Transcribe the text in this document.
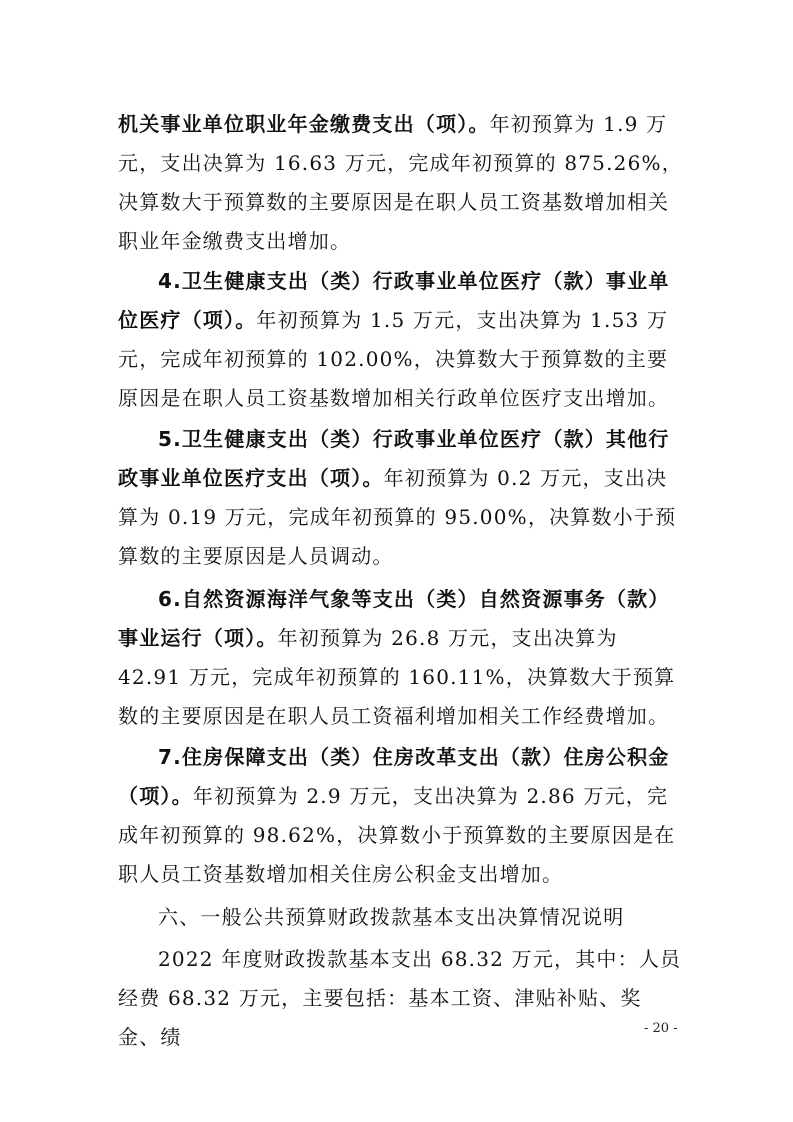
机关事业单位职业年金缴费支出（项）。年初预算为 1.9 万元，支出决算为 16.63 万元，完成年初预算的 875.26%，决算数大于预算数的主要原因是在职人员工资基数增加相关职业年金缴费支出增加。

4.卫生健康支出（类）行政事业单位医疗（款）事业单位医疗（项）。年初预算为 1.5 万元，支出决算为 1.53 万元，完成年初预算的 102.00%，决算数大于预算数的主要原因是在职人员工资基数增加相关行政单位医疗支出增加。

5.卫生健康支出（类）行政事业单位医疗（款）其他行政事业单位医疗支出（项）。年初预算为 0.2 万元，支出决算为 0.19 万元，完成年初预算的 95.00%，决算数小于预算数的主要原因是人员调动。

6.自然资源海洋气象等支出（类）自然资源事务（款）事业运行（项）。年初预算为 26.8 万元，支出决算为 42.91 万元，完成年初预算的 160.11%，决算数大于预算数的主要原因是在职人员工资福利增加相关工作经费增加。

7.住房保障支出（类）住房改革支出（款）住房公积金（项）。年初预算为 2.9 万元，支出决算为 2.86 万元，完成年初预算的 98.62%，决算数小于预算数的主要原因是在职人员工资基数增加相关住房公积金支出增加。

六、一般公共预算财政拨款基本支出决算情况说明

2022 年度财政拨款基本支出 68.32 万元，其中：人员经费 68.32 万元，主要包括：基本工资、津贴补贴、奖金、绩	- 20 -
